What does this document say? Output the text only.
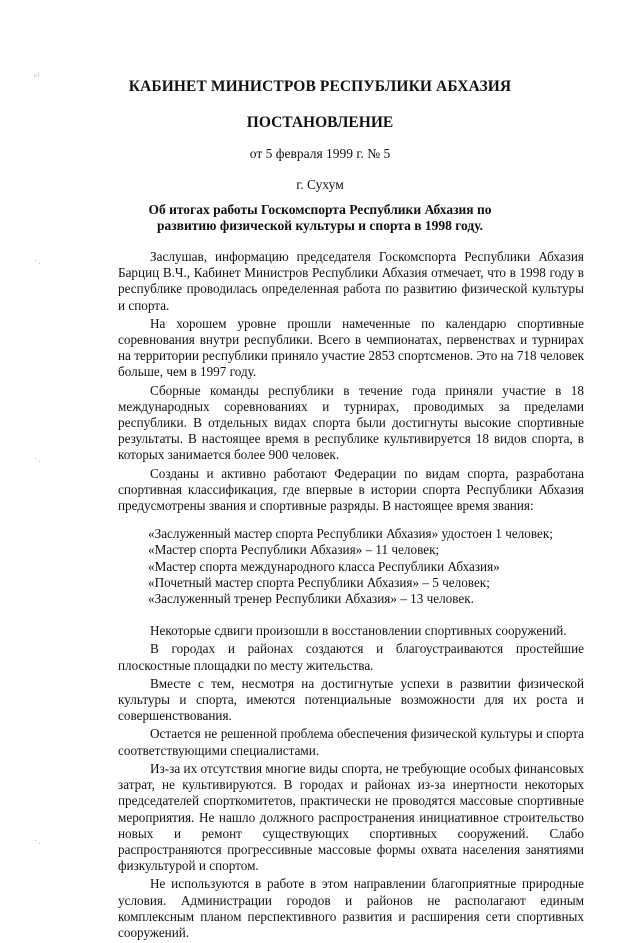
ᵃ⁾
ʿ·
ʿ·
ʿ·
КАБИНЕТ МИНИСТРОВ РЕСПУБЛИКИ АБХАЗИЯ
ПОСТАНОВЛЕНИЕ
от 5 февраля 1999 г. № 5
г. Сухум
Об итогах работы Госкомспорта Республики Абхазия по
развитию физической культуры и спорта в 1998 году.

Заслушав, информацию председателя Госкомспорта Республики Абхазия Барциц В.Ч., Кабинет Министров Республики Абхазия отмечает, что в 1998 году в республике проводилась определенная работа по развитию физической культуры и спорта.

На хорошем уровне прошли намеченные по календарю спортивные соревнования внутри республики. Всего в чемпионатах, первенствах и турнирах на территории республики приняло участие 2853 спортсменов. Это на 718 человек больше, чем в 1997 году.

Сборные команды республики в течение года приняли участие в 18 международных соревнованиях и турнирах, проводимых за пределами республики. В отдельных видах спорта были достигнуты высокие спортивные результаты. В настоящее время в республике культивируется 18 видов спорта, в которых занимается более 900 человек.

Созданы и активно работают Федерации по видам спорта, разработана спортивная классификация, где впервые в истории спорта Республики Абхазия предусмотрены звания и спортивные разряды. В настоящее время звания:

«Заслуженный мастер спорта Республики Абхазия» удостоен 1 человек;
«Мастер спорта Республики Абхазия» – 11 человек;
«Мастер спорта международного класса Республики Абхазия»
«Почетный мастер спорта Республики Абхазия» – 5 человек;
«Заслуженный тренер Республики Абхазия» – 13 человек.

Некоторые сдвиги произошли в восстановлении спортивных сооружений.

В городах и районах создаются и благоустраиваются простейшие плоскостные площадки по месту жительства.

Вместе с тем, несмотря на достигнутые успехи в развитии физической культуры и спорта, имеются потенциальные возможности для их роста и совершенствования.

Остается не решенной проблема обеспечения физической культуры и спорта соответствующими специалистами.

Из-за их отсутствия многие виды спорта, не требующие особых финансовых затрат, не культивируются. В городах и районах из-за инертности некоторых председателей спорткомитетов, практически не проводятся массовые спортивные мероприятия. Не нашло должного распространения инициативное строительство новых и ремонт существующих спортивных сооружений. Слабо распространяются прогрессивные массовые формы охвата населения занятиями физкультурой и спортом.

Не используются в работе в этом направлении благоприятные природные условия. Администрации городов и районов не располагают единым комплексным планом перспективного развития и расширения сети спортивных сооружений.
